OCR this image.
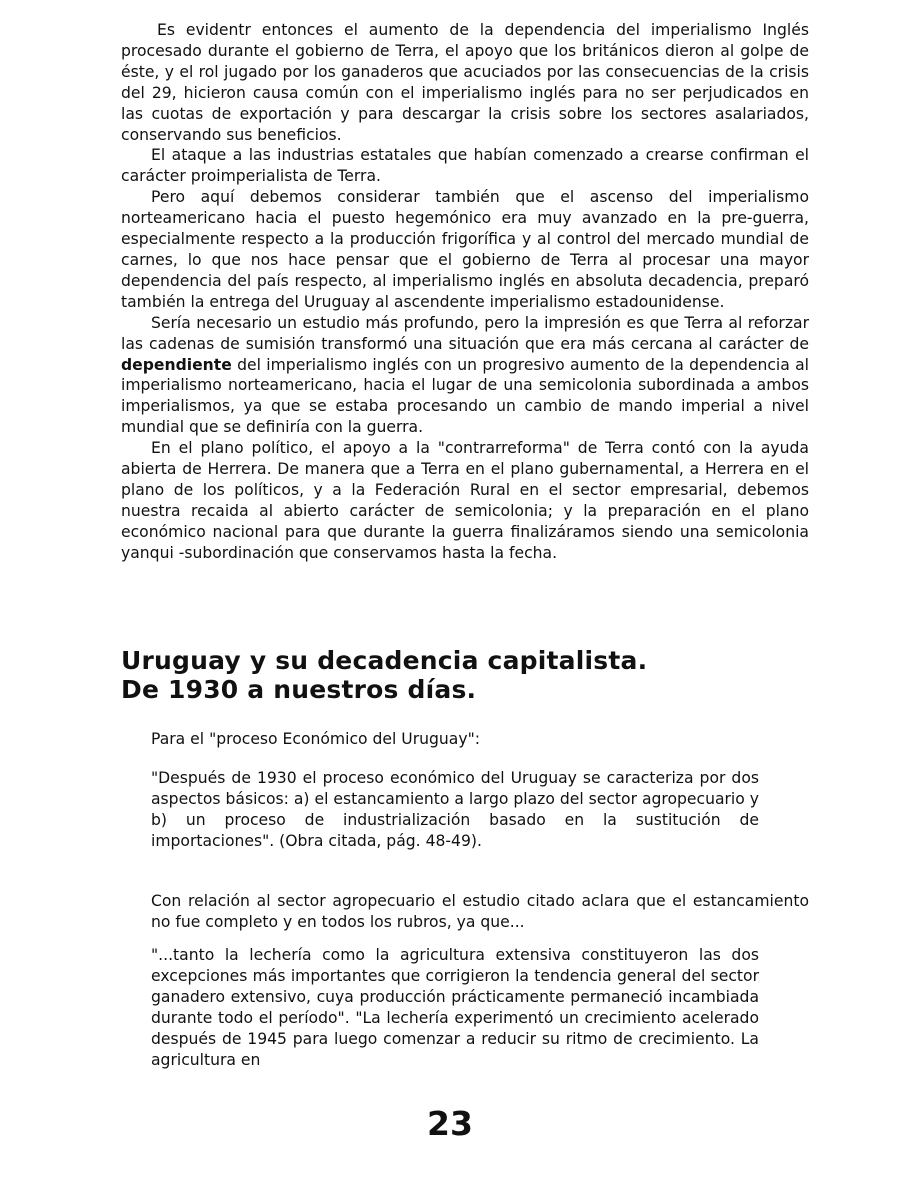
Es evidentr entonces el aumento de la dependencia del imperialismo Inglés procesado durante el gobierno de Terra, el apoyo que los británicos dieron al golpe de éste, y el rol jugado por los ganaderos que acuciados por las consecuencias de la crisis del 29, hicieron causa común con el imperialismo inglés para no ser perjudicados en las cuotas de exportación y para descargar la crisis sobre los sectores asalariados, conservando sus beneficios.

El ataque a las industrias estatales que habían comenzado a crearse confirman el carácter proimperialista de Terra.

Pero aquí debemos considerar también que el ascenso del imperialismo norteamericano hacia el puesto hegemónico era muy avanzado en la pre-guerra, especialmente respecto a la producción frigorífica y al control del mercado mundial de carnes, lo que nos hace pensar que el gobierno de Terra al procesar una mayor dependencia del país respecto, al imperialismo inglés en absoluta decadencia, preparó también la entrega del Uruguay al ascendente imperialismo estadounidense.

Sería necesario un estudio más profundo, pero la impresión es que Terra al reforzar las cadenas de sumisión transformó una situación que era más cercana al carácter de dependiente del imperialismo inglés con un progresivo aumento de la dependencia al imperialismo norteamericano, hacia el lugar de una semicolonia subordinada a ambos imperialismos, ya que se estaba procesando un cambio de mando imperial a nivel mundial que se definiría con la guerra.

En el plano político, el apoyo a la "contrarreforma" de Terra contó con la ayuda abierta de Herrera. De manera que a Terra en el plano gubernamental, a Herrera en el plano de los políticos, y a la Federación Rural en el sector empresarial, debemos nuestra recaida al abierto carácter de semicolonia; y la preparación en el plano económico nacional para que durante la guerra finalizáramos siendo una semicolonia yanqui -subordinación que conservamos hasta la fecha.

Uruguay y su decadencia capitalista.
De 1930 a nuestros días.
Para el "proceso Económico del Uruguay":
"Después de 1930 el proceso económico del Uruguay se caracteriza por dos aspectos básicos: a) el estancamiento a largo plazo del sector agropecuario y b) un proceso de industrialización basado en la sustitución de importaciones". (Obra citada, pág. 48-49).
Con relación al sector agropecuario el estudio citado aclara que el estancamiento no fue completo y en todos los rubros, ya que...
"...tanto la lechería como la agricultura extensiva constituyeron las dos excepciones más importantes que corrigieron la tendencia general del sector ganadero extensivo, cuya producción prácticamente permaneció incambiada durante todo el período". "La lechería experimentó un crecimiento acelerado después de 1945 para luego comenzar a reducir su ritmo de crecimiento. La agricultura en
23
